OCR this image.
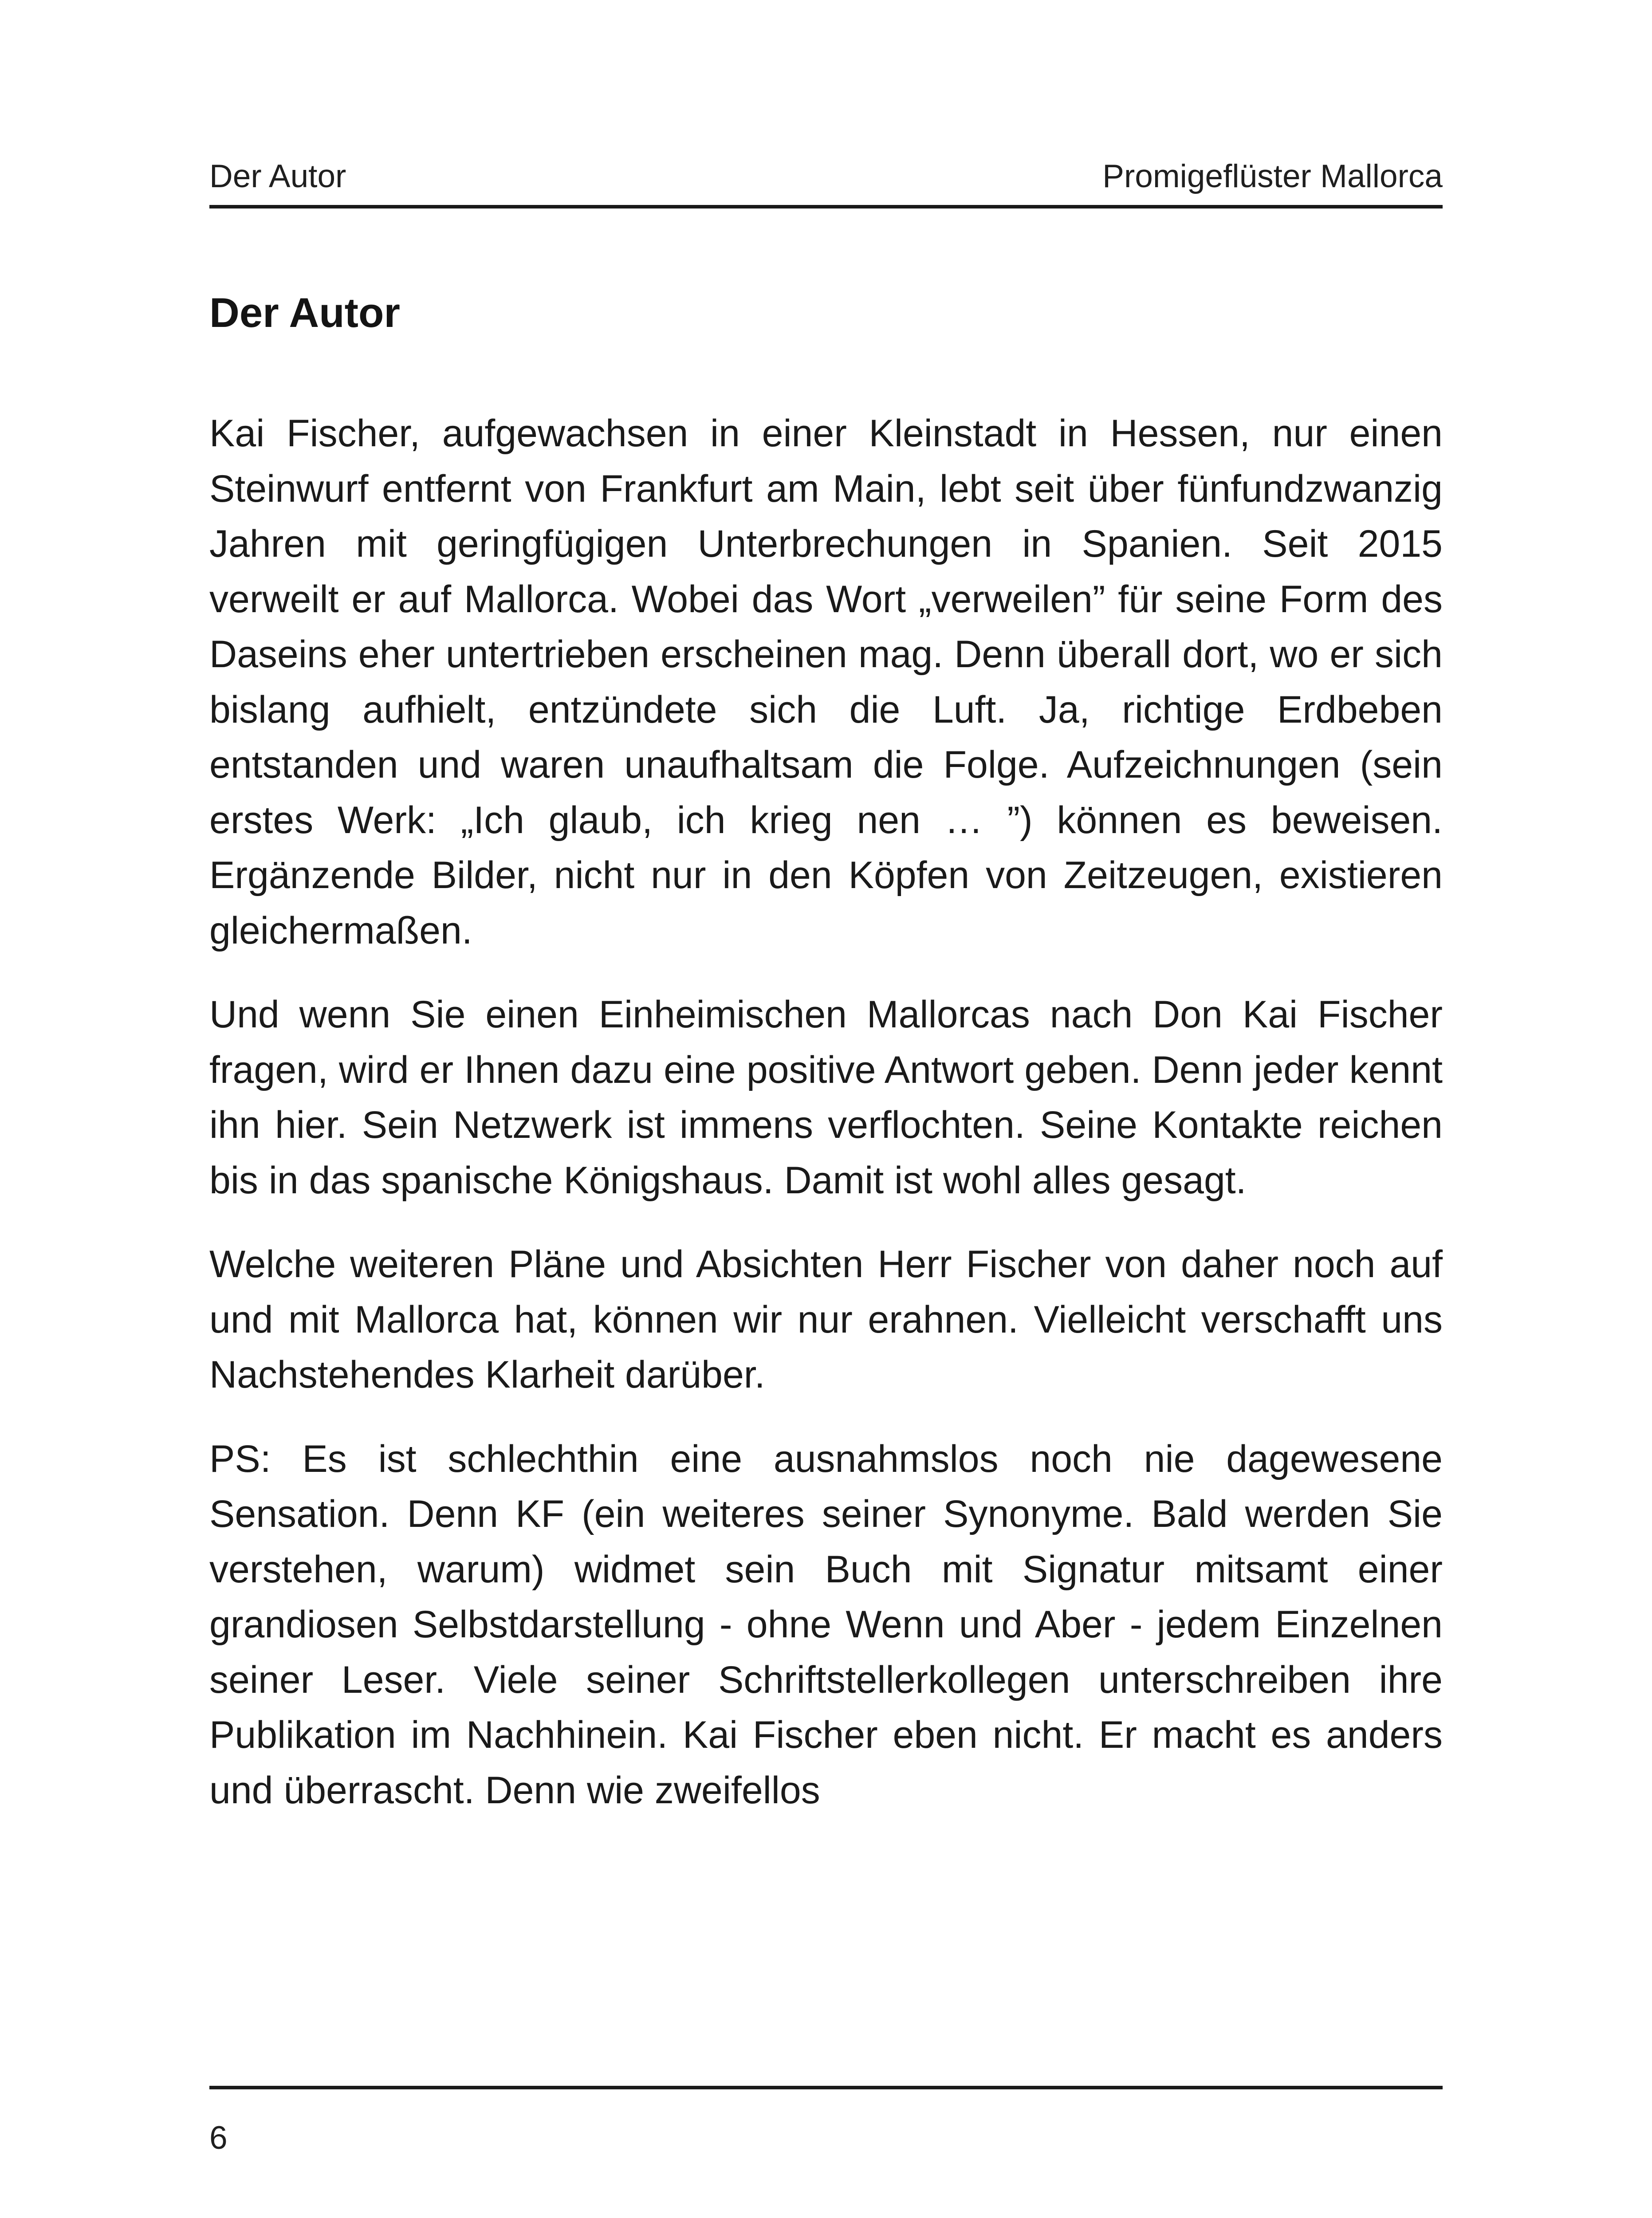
Der Autor	Promigeflüster Mallorca
Der Autor

Kai Fischer, aufgewachsen in einer Kleinstadt in Hessen, nur einen Steinwurf entfernt von Frankfurt am Main, lebt seit über fünfundzwanzig Jahren mit geringfügigen Unterbrechungen in Spanien. Seit 2015 verweilt er auf Mallorca. Wobei das Wort „verweilen” für seine Form des Daseins eher untertrieben erscheinen mag. Denn überall dort, wo er sich bislang aufhielt, entzündete sich die Luft. Ja, richtige Erdbeben entstanden und waren unaufhaltsam die Folge. Aufzeichnungen (sein erstes Werk: „Ich glaub, ich krieg nen … ”) können es beweisen. Ergänzende Bilder, nicht nur in den Köpfen von Zeitzeugen, existieren gleichermaßen.

Und wenn Sie einen Einheimischen Mallorcas nach Don Kai Fischer fragen, wird er Ihnen dazu eine positive Antwort geben. Denn jeder kennt ihn hier. Sein Netzwerk ist immens verflochten. Seine Kontakte reichen bis in das spanische Königshaus. Damit ist wohl alles gesagt.

Welche weiteren Pläne und Absichten Herr Fischer von daher noch auf und mit Mallorca hat, können wir nur erahnen. Vielleicht verschafft uns Nachstehendes Klarheit darüber.

PS: Es ist schlechthin eine ausnahmslos noch nie dagewesene Sensation. Denn KF (ein weiteres seiner Synonyme. Bald werden Sie verstehen, warum) widmet sein Buch mit Signatur mitsamt einer grandiosen Selbstdarstellung - ohne Wenn und Aber - jedem Einzelnen seiner Leser. Viele seiner Schriftstellerkollegen unterschreiben ihre Publikation im Nachhinein. Kai Fischer eben nicht. Er macht es anders und überrascht. Denn wie zweifellos

6
